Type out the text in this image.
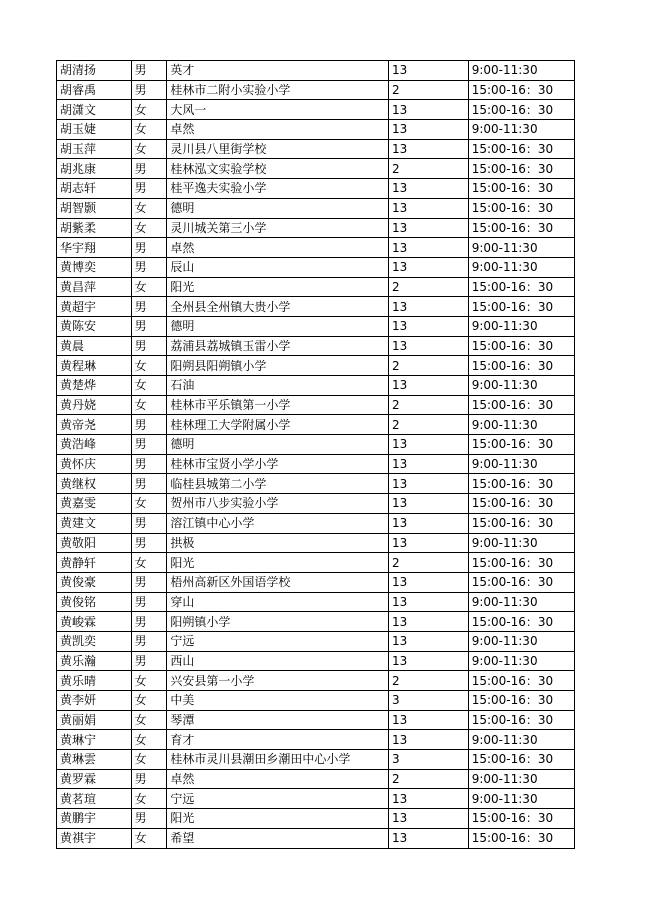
胡清扬	男	英才	13	9:00-11:30
胡睿禹	男	桂林市二附小实验小学	2	15:00-16：30
胡潇文	女	大风一	13	15:00-16：30
胡玉婕	女	卓然	13	9:00-11:30
胡玉萍	女	灵川县八里街学校	13	15:00-16：30
胡兆康	男	桂林泓文实验学校	2	15:00-16：30
胡志轩	男	桂平逸夫实验小学	13	15:00-16：30
胡智颢	女	德明	13	15:00-16：30
胡紫柔	女	灵川城关第三小学	13	15:00-16：30
华宇翔	男	卓然	13	9:00-11:30
黄博奕	男	辰山	13	9:00-11:30
黄昌萍	女	阳光	2	15:00-16：30
黄超宇	男	全州县全州镇大贵小学	13	15:00-16：30
黄陈安	男	德明	13	9:00-11:30
黄晨	男	荔浦县荔城镇玉雷小学	13	15:00-16：30
黄程琳	女	阳朔县阳朔镇小学	2	15:00-16：30
黄楚烨	女	石油	13	9:00-11:30
黄丹娆	女	桂林市平乐镇第一小学	2	15:00-16：30
黄帝尧	男	桂林理工大学附属小学	2	9:00-11:30
黄浩峰	男	德明	13	15:00-16：30
黄怀庆	男	桂林市宝贤小学小学	13	9:00-11:30
黄继权	男	临桂县城第二小学	13	15:00-16：30
黄嘉雯	女	贺州市八步实验小学	13	15:00-16：30
黄建文	男	溶江镇中心小学	13	15:00-16：30
黄敬阳	男	拱极	13	9:00-11:30
黄静轩	女	阳光	2	15:00-16：30
黄俊豪	男	梧州高新区外国语学校	13	15:00-16：30
黄俊铭	男	穿山	13	9:00-11:30
黄峻霖	男	阳朔镇小学	13	15:00-16：30
黄凯奕	男	宁远	13	9:00-11:30
黄乐瀚	男	西山	13	9:00-11:30
黄乐晴	女	兴安县第一小学	2	15:00-16：30
黄李妍	女	中美	3	15:00-16：30
黄丽娟	女	琴潭	13	15:00-16：30
黄琳宁	女	育才	13	9:00-11:30
黄琳雲	女	桂林市灵川县潮田乡潮田中心小学	3	15:00-16：30
黄罗霖	男	卓然	2	9:00-11:30
黄茗瑄	女	宁远	13	9:00-11:30
黄鹏宇	男	阳光	13	15:00-16：30
黄祺宇	女	希望	13	15:00-16：30
